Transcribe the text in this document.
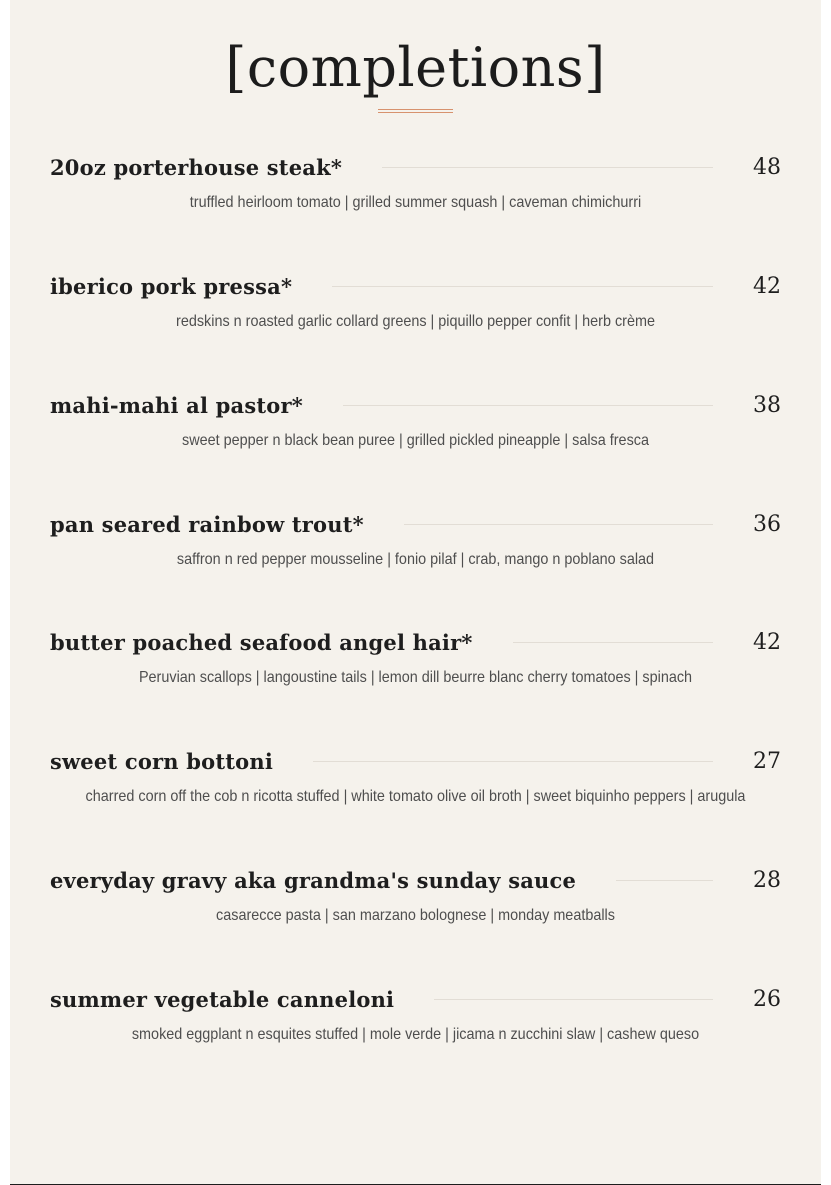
[completions]
20oz porterhouse steak*	48
truffled heirloom tomato | grilled summer squash | caveman chimichurri
iberico pork pressa*	42
redskins n roasted garlic collard greens | piquillo pepper confit | herb crème
mahi-mahi al pastor*	38
sweet pepper n black bean puree | grilled pickled pineapple | salsa fresca
pan seared rainbow trout*	36
saffron n red pepper mousseline | fonio pilaf | crab, mango n poblano salad
butter poached seafood angel hair*	42
Peruvian scallops | langoustine tails | lemon dill beurre blanc cherry tomatoes | spinach
sweet corn bottoni	27
charred corn off the cob n ricotta stuffed | white tomato olive oil broth | sweet biquinho peppers | arugula
everyday gravy aka grandma's sunday sauce	28
casarecce pasta | san marzano bolognese | monday meatballs
summer vegetable canneloni	26
smoked eggplant n esquites stuffed | mole verde | jicama n zucchini slaw | cashew queso
